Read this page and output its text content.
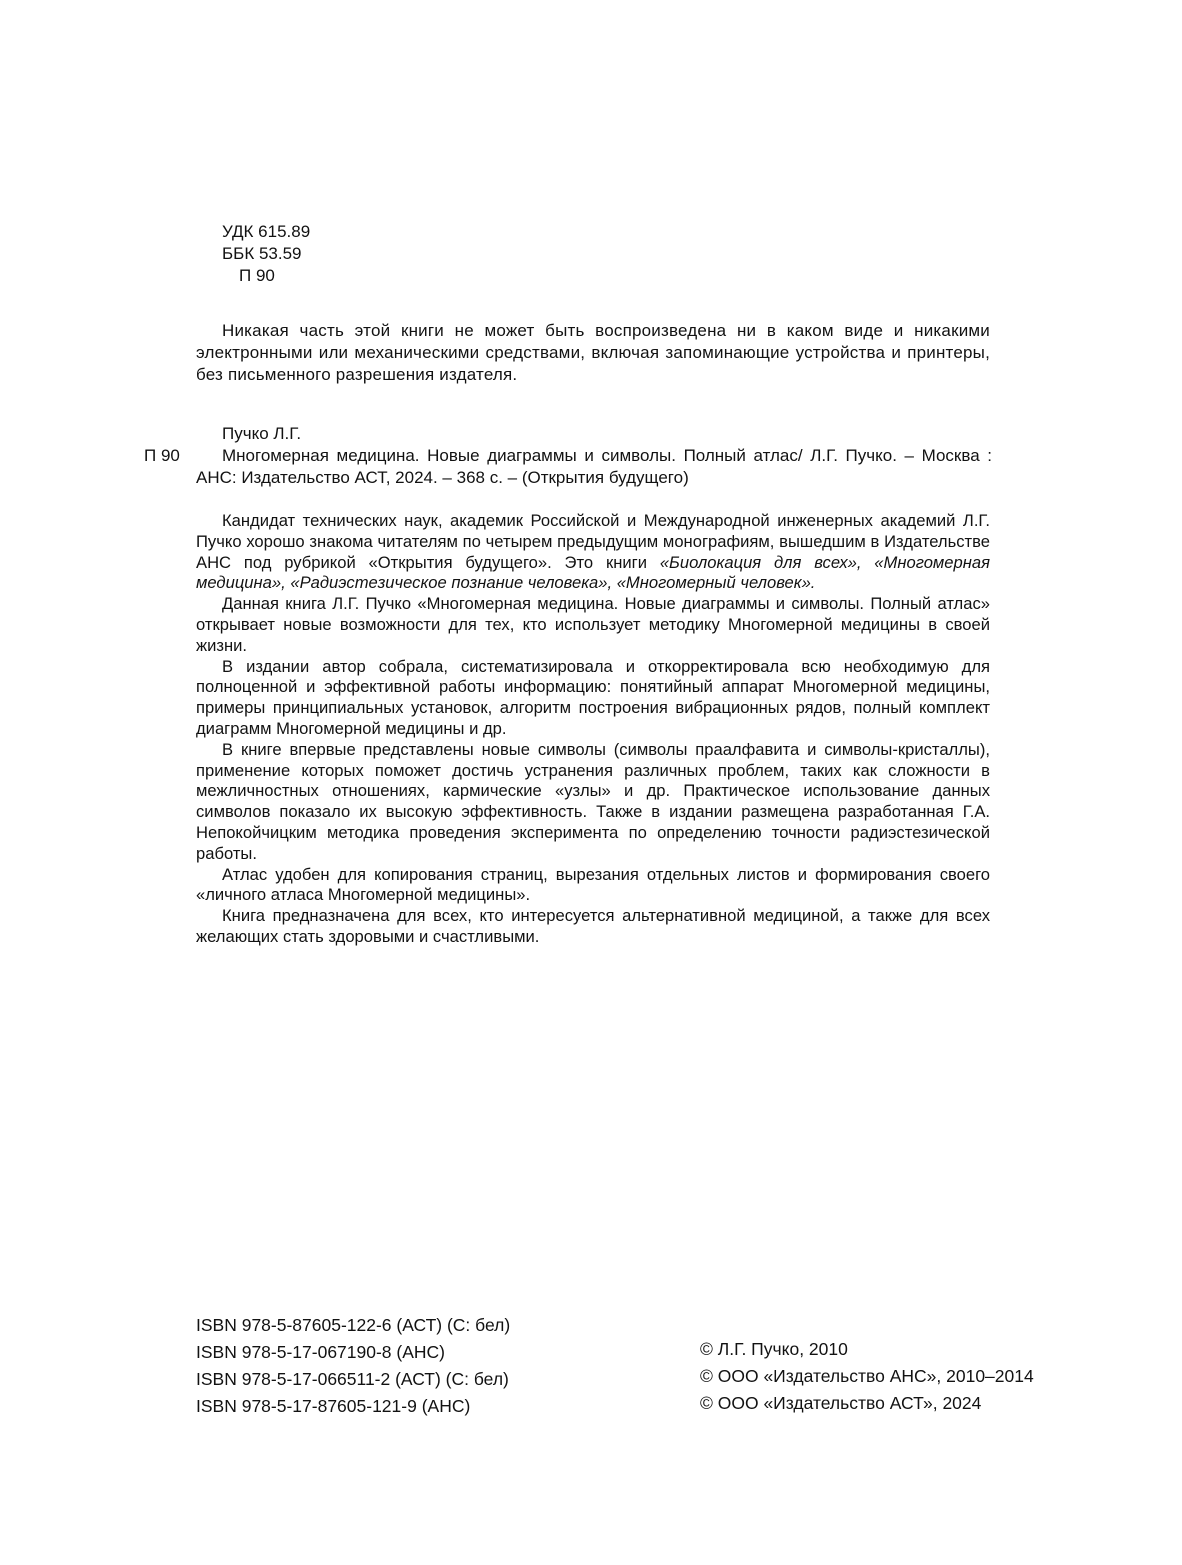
УДК 615.89
ББК 53.59
П 90

Никакая часть этой книги не может быть воспроизведена ни в каком виде и никакими электронными или механическими средствами, включая запоминающие устройства и принтеры, без письменного разрешения издателя.

Пучко Л.Г.
П 90	Многомерная медицина. Новые диаграммы и символы. Полный атлас/ Л.Г. Пучко. – Москва : АНС: Издательство АСТ, 2024. – 368 с. – (Открытия будущего)

Кандидат технических наук, академик Российской и Международной инженерных академий Л.Г. Пучко хорошо знакома читателям по четырем предыдущим монографиям, вышедшим в Издательстве АНС под рубрикой «Открытия будущего». Это книги «Биолокация для всех», «Многомерная медицина», «Радиэстезическое познание человека», «Многомерный человек».

Данная книга Л.Г. Пучко «Многомерная медицина. Новые диаграммы и символы. Полный атлас» открывает новые возможности для тех, кто использует методику Многомерной медицины в своей жизни.

В издании автор собрала, систематизировала и откорректировала всю необходимую для полноценной и эффективной работы информацию: понятийный аппарат Многомерной медицины, примеры принципиальных установок, алгоритм построения вибрационных рядов, полный комплект диаграмм Многомерной медицины и др.

В книге впервые представлены новые символы (символы праалфавита и символы-кристаллы), применение которых поможет достичь устранения различных проблем, таких как сложности в межличностных отношениях, кармические «узлы» и др. Практическое использование данных символов показало их высокую эффективность. Также в издании размещена разработанная Г.А. Непокойчицким методика проведения эксперимента по определению точности радиэстезической работы.

Атлас удобен для копирования страниц, вырезания отдельных листов и формирования своего «личного атласа Многомерной медицины».

Книга предназначена для всех, кто интересуется альтернативной медициной, а также для всех желающих стать здоровыми и счастливыми.

ISBN 978-5-87605-122-6 (АСТ) (С: бел)
ISBN 978-5-17-067190-8 (АНС)
ISBN 978-5-17-066511-2 (АСТ) (С: бел)
ISBN 978-5-17-87605-121-9 (АНС)
© Л.Г. Пучко, 2010
© ООО «Издательство АНС», 2010–2014
© ООО «Издательство АСТ», 2024
